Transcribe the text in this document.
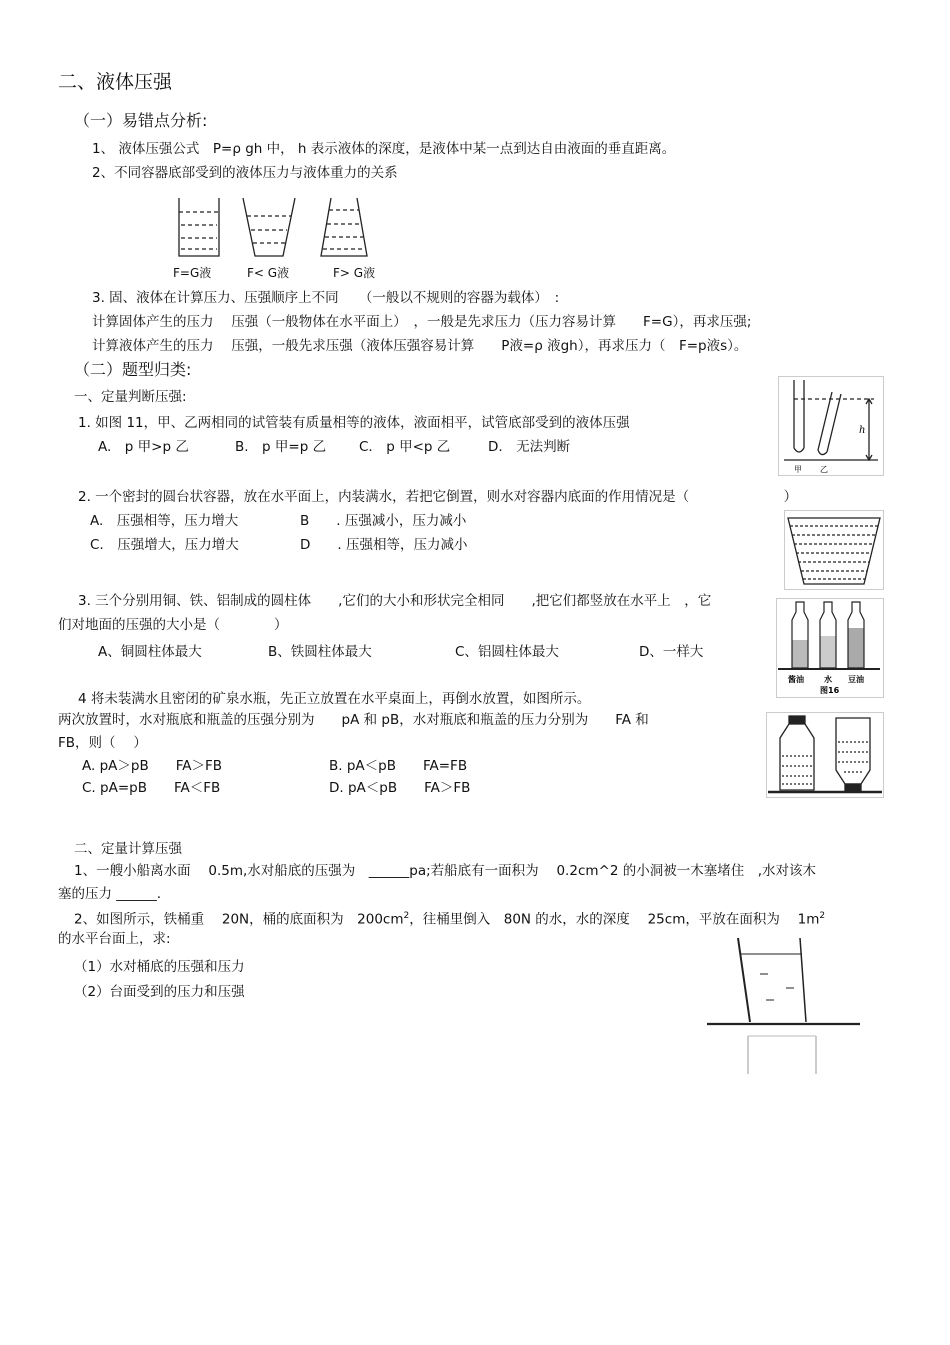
二、液体压强
（一）易错点分析:
1、 液体压强公式　P=ρ gh 中， h 表示液体的深度，是液体中某一点到达自由液面的垂直距离。
2、不同容器底部受到的液体压力与液体重力的关系
F=G液	F< G液	F> G液
3. 固、液体在计算压力、压强顺序上不同　　（一般以不规则的容器为载体）　:
计算固体产生的压力　 压强（一般物体在水平面上）　，一般是先求压力（压力容易计算　　F=G），再求压强;
计算液体产生的压力　 压强，一般先求压强（液体压强容易计算　　P液=ρ 液gh），再求压力（　F=p液s）。
（二）题型归类:
一、定量判断压强:
1. 如图 11，甲、乙两相同的试管装有质量相等的液体，液面相平，试管底部受到的液体压强
A.　p 甲>p 乙	B.　p 甲=p 乙 C.　p 甲<p 乙	D.　无法判断
h
甲 乙
2. 一个密封的圆台状容器，放在水平面上，内装满水，若把它倒置，则水对容器内底面的作用情况是（　　　　　　　）
A.　压强相等，压力增大	B　　. 压强减小，压力减小
C.　压强增大，压力增大	D　　. 压强相等，压力减小
3. 三个分别用铜、铁、铝制成的圆柱体　　,它们的大小和形状完全相同　　,把它们都竖放在水平上　，它
们对地面的压强的大小是（　　　　）
A、铜圆柱体最大	B、铁圆柱体最大	C、铝圆柱体最大	D、一样大
酱油	水 豆油
图16
4 将未装满水且密闭的矿泉水瓶，先正立放置在水平桌面上，再倒水放置，如图所示。
两次放置时，水对瓶底和瓶盖的压强分别为　　pA 和 pB，水对瓶底和瓶盖的压力分别为　　FA 和
FB，则（　 ）
A. pA＞pB　　FA＞FB	B. pA＜pB　　FA=FB
C. pA=pB　　FA＜FB	D. pA＜pB　　FA＞FB
二、定量计算压强
1、一艘小船离水面　 0.5m,水对船底的压强为　______pa;若船底有一面积为　 0.2cm^2 的小洞被一木塞堵住　,水对该木
塞的压力 ______.
2、如图所示，铁桶重　 20N，桶的底面积为　$200cm^2$，往桶里倒入　80N 的水，水的深度　 25cm，平放在面积为　 $1m^2$
的水平台面上，求:
（1）水对桶底的压强和压力
（2）台面受到的压力和压强
